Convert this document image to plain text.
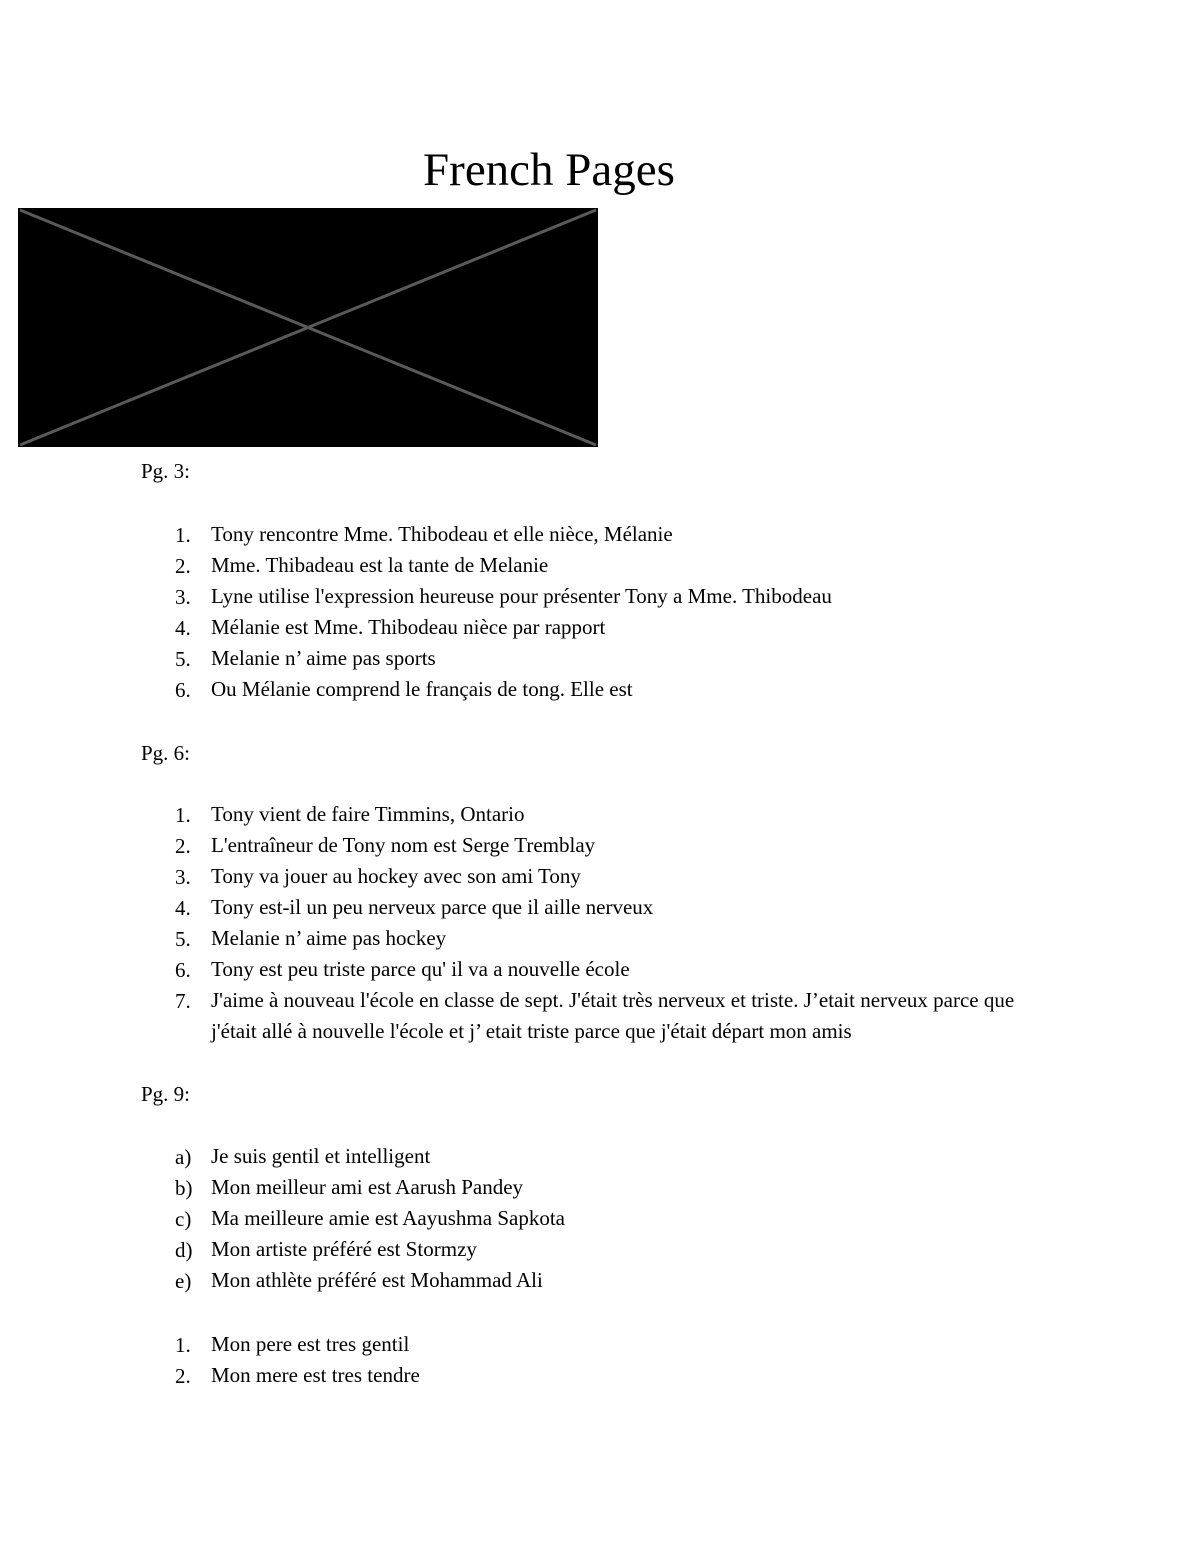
French Pages
Pg. 3:
1. Tony rencontre Mme. Thibodeau et elle nièce, Mélanie
2. Mme. Thibadeau est la tante de Melanie
3. Lyne utilise l'expression heureuse pour présenter Tony a Mme. Thibodeau
4. Mélanie est Mme. Thibodeau nièce par rapport
5. Melanie n’ aime pas sports
6. Ou Mélanie comprend le français de tong. Elle est
Pg. 6:
1. Tony vient de faire Timmins, Ontario
2. L'entraîneur de Tony nom est Serge Tremblay
3. Tony va jouer au hockey avec son ami Tony
4. Tony est-il un peu nerveux parce que il aille nerveux
5. Melanie n’ aime pas hockey
6. Tony est peu triste parce qu' il va a nouvelle école
7. J'aime à nouveau l'école en classe de sept. J'était très nerveux et triste. J’etait nerveux parce que j'était allé à nouvelle l'école et j’ etait triste parce que j'était départ mon amis
Pg. 9:
a) Je suis gentil et intelligent
b) Mon meilleur ami est Aarush Pandey
c) Ma meilleure amie est Aayushma Sapkota
d) Mon artiste préféré est Stormzy
e) Mon athlète préféré est Mohammad Ali
1. Mon pere est tres gentil
2. Mon mere est tres tendre
